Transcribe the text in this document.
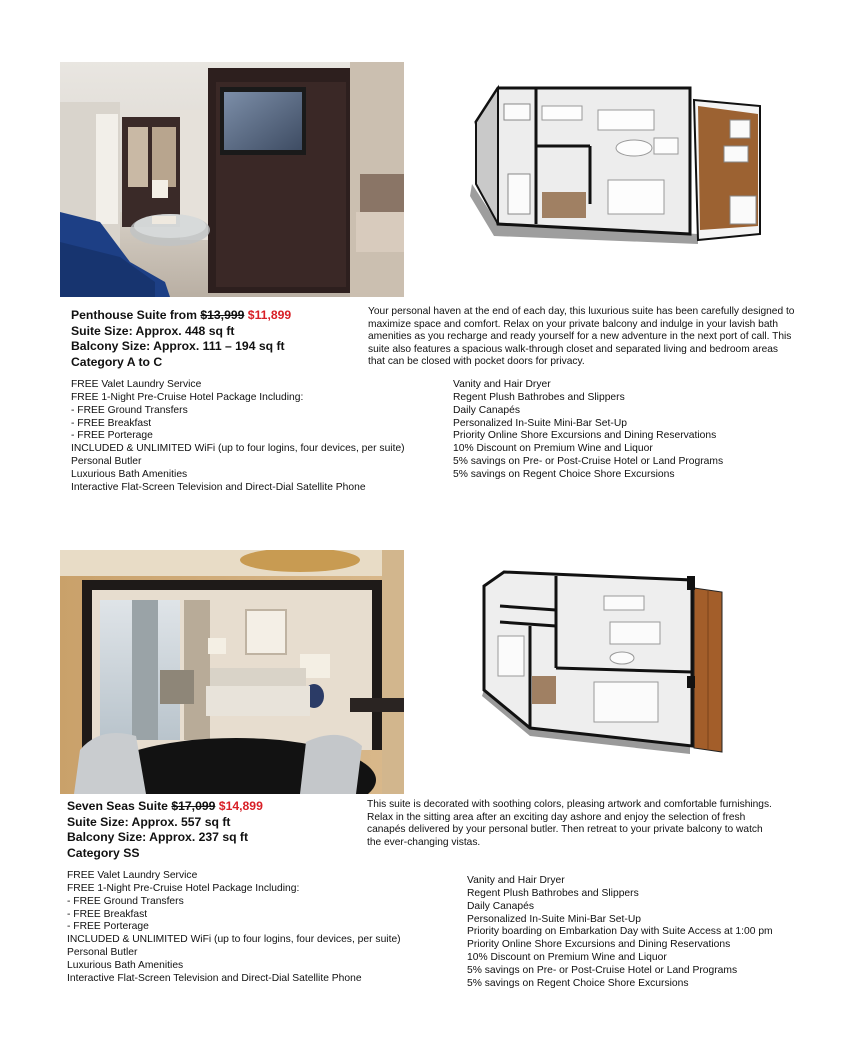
Penthouse Suite from $13,999 $11,899
Suite Size: Approx. 448 sq ft
Balcony Size: Approx. 111 – 194 sq ft
Category A to C
Your personal haven at the end of each day, this luxurious suite has been carefully designed to maximize space and comfort. Relax on your private balcony and indulge in your lavish bath amenities as you recharge and ready yourself for a new adventure in the next port of call. This suite also features a spacious walk-through closet and separated living and bedroom areas that can be closed with pocket doors for privacy.
FREE Valet Laundry Service
FREE 1-Night Pre-Cruise Hotel Package Including:
- FREE Ground Transfers
- FREE Breakfast
- FREE Porterage
INCLUDED & UNLIMITED WiFi (up to four logins, four devices, per suite)
Personal Butler
Luxurious Bath Amenities
Interactive Flat-Screen Television and Direct-Dial Satellite Phone
Vanity and Hair Dryer
Regent Plush Bathrobes and Slippers
Daily Canapés
Personalized In-Suite Mini-Bar Set-Up
Priority Online Shore Excursions and Dining Reservations
10% Discount on Premium Wine and Liquor
5% savings on Pre- or Post-Cruise Hotel or Land Programs
5% savings on Regent Choice Shore Excursions
Seven Seas Suite $17,099 $14,899
Suite Size: Approx. 557 sq ft
Balcony Size: Approx. 237 sq ft
Category SS
This suite is decorated with soothing colors, pleasing artwork and comfortable furnishings. Relax in the sitting area after an exciting day ashore and enjoy the selection of fresh canapés delivered by your personal butler. Then retreat to your private balcony to watch the ever-changing vistas.
FREE Valet Laundry Service
FREE 1-Night Pre-Cruise Hotel Package Including:
- FREE Ground Transfers
- FREE Breakfast
- FREE Porterage
INCLUDED & UNLIMITED WiFi (up to four logins, four devices, per suite)
Personal Butler
Luxurious Bath Amenities
Interactive Flat-Screen Television and Direct-Dial Satellite Phone
Vanity and Hair Dryer
Regent Plush Bathrobes and Slippers
Daily Canapés
Personalized In-Suite Mini-Bar Set-Up
Priority boarding on Embarkation Day with Suite Access at 1:00 pm
Priority Online Shore Excursions and Dining Reservations
10% Discount on Premium Wine and Liquor
5% savings on Pre- or Post-Cruise Hotel or Land Programs
5% savings on Regent Choice Shore Excursions
